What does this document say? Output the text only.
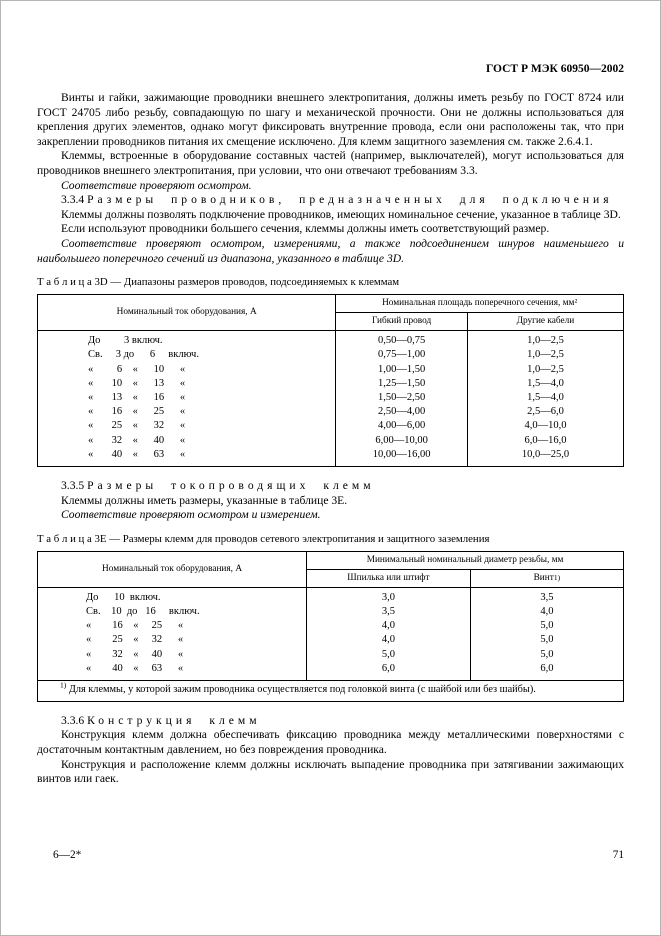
ГОСТ Р МЭК 60950—2002

Винты и гайки, зажимающие проводники внешнего электропитания, должны иметь резьбу по ГОСТ 8724 или ГОСТ 24705 либо резьбу, совпадающую по шагу и механической прочности. Они не должны использоваться для крепления других элементов, однако могут фиксировать внутренние провода, если они расположены так, что при закреплении проводников питания их смещение исключено. Для клемм защитного заземления см. также 2.6.4.1.

Клеммы, встроенные в оборудование составных частей (например, выключателей), могут использоваться для проводников внешнего электропитания, при условии, что они отвечают требованиям 3.3.

Соответствие проверяют осмотром.

3.3.4 Размеры проводников, предназначенных для подключения

Клеммы должны позволять подключение проводников, имеющих номинальное сечение, указанное в таблице 3D.

Если используют проводники большего сечения, клеммы должны иметь соответствующий размер.

Соответствие проверяют осмотром, измерениями, а также подсоединением шнуров наименьшего и наибольшего поперечного сечений из диапазона, указанного в таблице 3D.

Т а б л и ц а 3D — Диапазоны размеров проводов, подсоединяемых к клеммам

Номинальный ток оборудования, А
Номинальная площадь поперечного сечения, мм²
Гибкий провод	Другие кабели
До         3 включ.	0,50—0,75	1,0—2,5
Св.     3 до      6     включ.	0,75—1,00	1,0—2,5
«         6    «      10      «	1,00—1,50	1,0—2,5
«       10    «      13      «	1,25—1,50	1,5—4,0
«       13    «      16      «	1,50—2,50	1,5—4,0
«       16    «      25      «	2,50—4,00	2,5—6,0
«       25    «      32      «	4,00—6,00	4,0—10,0
«       32    «      40      «	6,00—10,00	6,0—16,0
«       40    «      63      «	10,00—16,00	10,0—25,0

3.3.5 Размеры токопроводящих клемм

Клеммы должны иметь размеры, указанные в таблице 3Е.

Соответствие проверяют осмотром и измерением.

Т а б л и ц а 3Е — Размеры клемм для проводов сетевого электропитания и защитного заземления

Номинальный ток оборудования, А
Минимальный номинальный диаметр резьбы, мм
Шпилька или штифт	Винт 1)
До      10  включ.	3,0	3,5
Св.    10  до   16     включ.	3,5	4,0
«        16    «     25      «	4,0	5,0
«        25    «     32      «	4,0	5,0
«        32    «     40      «	5,0	5,0
«        40    «     63      «	6,0	6,0
$^{1)}$ Для клеммы, у которой зажим проводника осуществляется под головкой винта (с шайбой или без шайбы).

3.3.6 Конструкция клемм

Конструкция клемм должна обеспечивать фиксацию проводника между металлическими поверхностями с достаточным контактным давлением, но без повреждения проводника.

Конструкция и расположение клемм должны исключать выпадение проводника при затягивании зажимающих винтов или гаек.

6—2*	71
